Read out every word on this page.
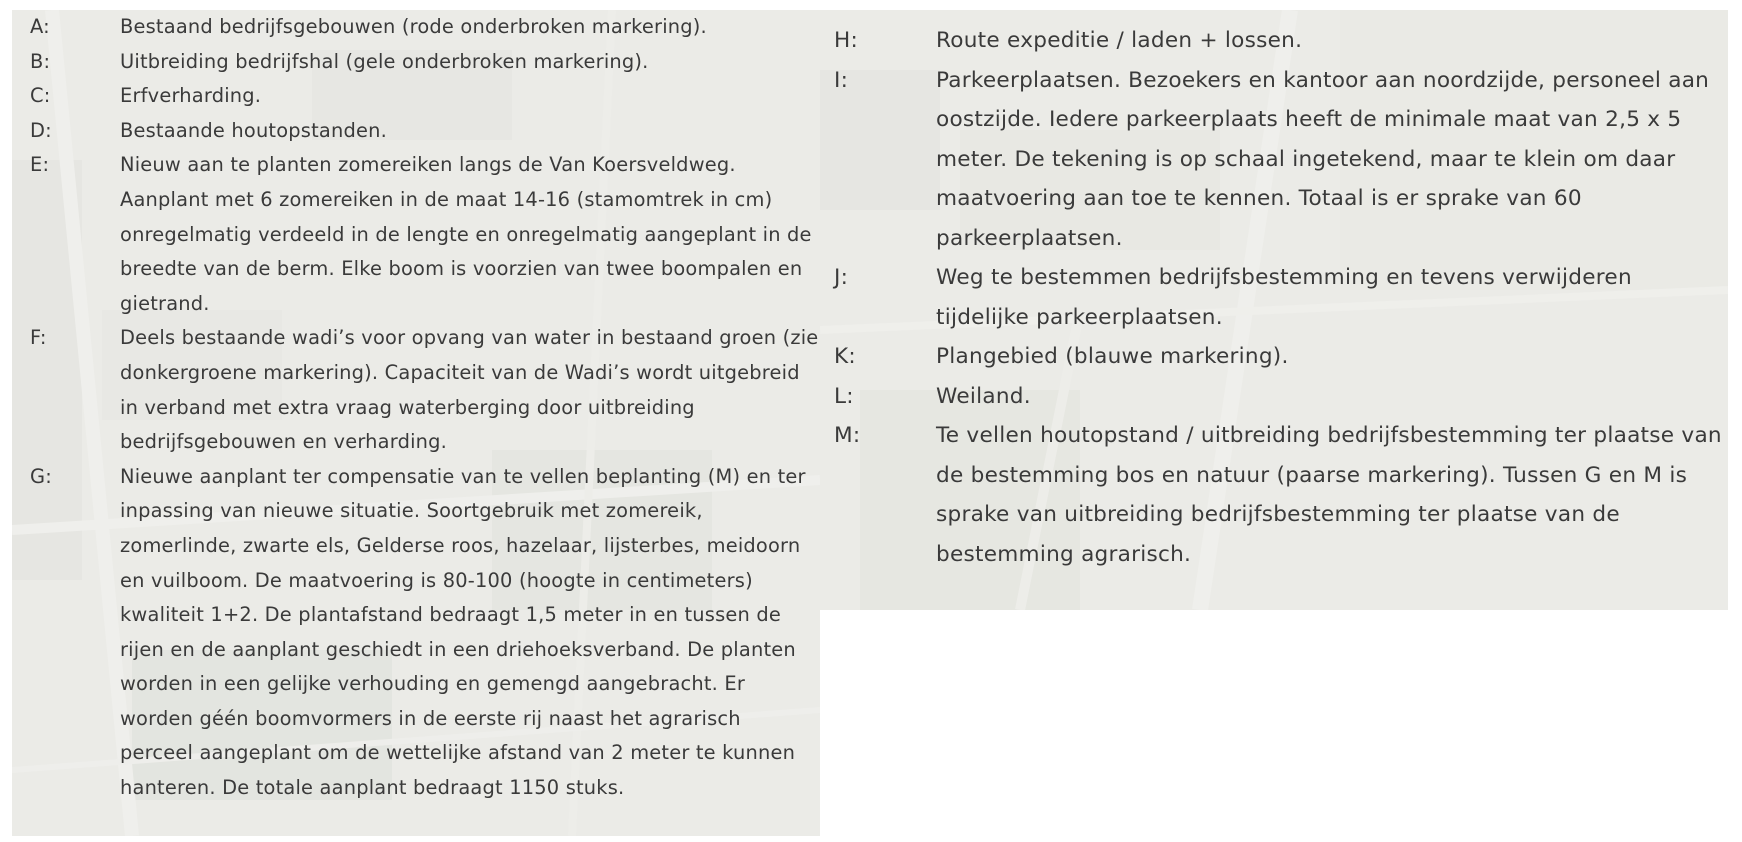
A:	Bestaand bedrijfsgebouwen (rode onderbroken markering).
B:	Uitbreiding bedrijfshal (gele onderbroken markering).
C:	Erfverharding.
D:	Bestaande houtopstanden.
E:	Nieuw aan te planten zomereiken langs de Van Koersveldweg. Aanplant met 6 zomereiken in de maat 14-16 (stamomtrek in cm) onregelmatig verdeeld in de lengte en onregelmatig aangeplant in de breedte van de berm. Elke boom is voorzien van twee boompalen en gietrand.
F:	Deels bestaande wadi’s voor opvang van water in bestaand groen (zie donkergroene markering). Capaciteit van de Wadi’s wordt uitgebreid in verband met extra vraag waterberging door uitbreiding bedrijfsgebouwen en verharding.
G:	Nieuwe aanplant ter compensatie van te vellen beplanting (M) en ter inpassing van nieuwe situatie. Soortgebruik met zomereik, zomerlinde, zwarte els, Gelderse roos, hazelaar, lijsterbes, meidoorn en vuilboom. De maatvoering is 80-100 (hoogte in centimeters) kwaliteit 1+2. De plantafstand bedraagt 1,5 meter in en tussen de rijen en de aanplant geschiedt in een driehoeksverband. De planten worden in een gelijke verhouding en gemengd aangebracht. Er worden géén boomvormers in de eerste rij naast het agrarisch perceel aangeplant om de wettelijke afstand van 2 meter te kunnen hanteren. De totale aanplant bedraagt 1150 stuks.
H:	Route expeditie / laden + lossen.
I:	Parkeerplaatsen. Bezoekers en kantoor aan noordzijde, personeel aan oostzijde. Iedere parkeerplaats heeft de minimale maat van 2,5 x 5 meter. De tekening is op schaal ingetekend, maar te klein om daar maatvoering aan toe te kennen. Totaal is er sprake van 60 parkeerplaatsen.
J:	Weg te bestemmen bedrijfsbestemming en tevens verwijderen tijdelijke parkeerplaatsen.
K:	Plangebied (blauwe markering).
L:	Weiland.
M:	Te vellen houtopstand / uitbreiding bedrijfsbestemming ter plaatse van de bestemming bos en natuur (paarse markering). Tussen G en M is sprake van uitbreiding bedrijfsbestemming ter plaatse van de bestemming agrarisch.
